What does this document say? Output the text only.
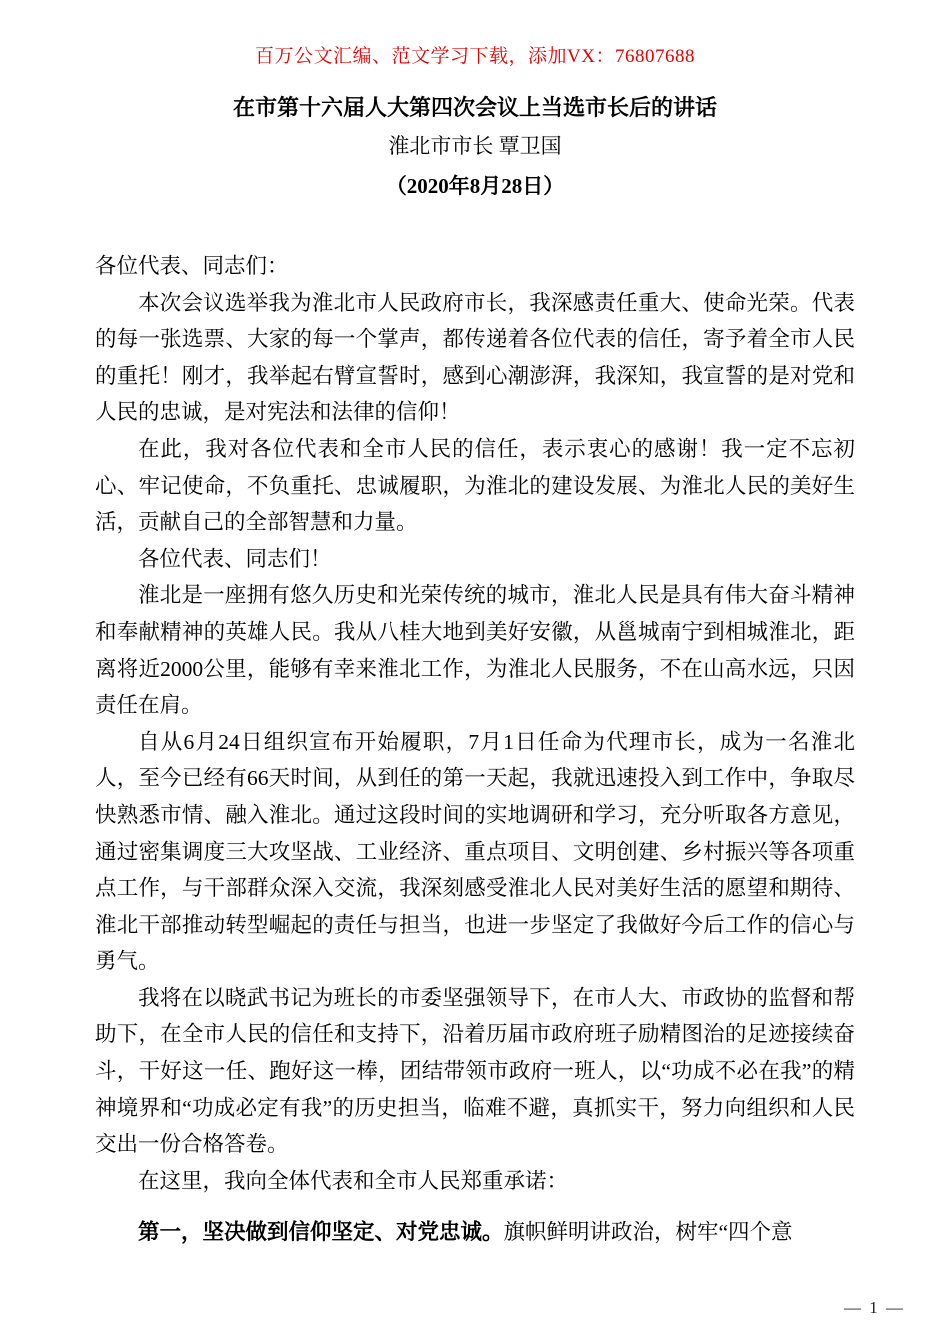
百万公文汇编、范文学习下载，添加VX：76807688
在市第十六届人大第四次会议上当选市长后的讲话
淮北市市长 覃卫国
（2020年8月28日）

各位代表、同志们：

本次会议选举我为淮北市人民政府市长，我深感责任重大、使命光荣。代表的每一张选票、大家的每一个掌声，都传递着各位代表的信任，寄予着全市人民的重托！刚才，我举起右臂宣誓时，感到心潮澎湃，我深知，我宣誓的是对党和人民的忠诚，是对宪法和法律的信仰！

在此，我对各位代表和全市人民的信任，表示衷心的感谢！我一定不忘初心、牢记使命，不负重托、忠诚履职，为淮北的建设发展、为淮北人民的美好生活，贡献自己的全部智慧和力量。

各位代表、同志们！

淮北是一座拥有悠久历史和光荣传统的城市，淮北人民是具有伟大奋斗精神和奉献精神的英雄人民。我从八桂大地到美好安徽，从邕城南宁到相城淮北，距离将近2000公里，能够有幸来淮北工作，为淮北人民服务，不在山高水远，只因责任在肩。

自从6月24日组织宣布开始履职，7月1日任命为代理市长，成为一名淮北人，至今已经有66天时间，从到任的第一天起，我就迅速投入到工作中，争取尽快熟悉市情、融入淮北。通过这段时间的实地调研和学习，充分听取各方意见，通过密集调度三大攻坚战、工业经济、重点项目、文明创建、乡村振兴等各项重点工作，与干部群众深入交流，我深刻感受淮北人民对美好生活的愿望和期待、淮北干部推动转型崛起的责任与担当，也进一步坚定了我做好今后工作的信心与勇气。

我将在以晓武书记为班长的市委坚强领导下，在市人大、市政协的监督和帮助下，在全市人民的信任和支持下，沿着历届市政府班子励精图治的足迹接续奋斗，干好这一任、跑好这一棒，团结带领市政府一班人，以“功成不必在我”的精神境界和“功成必定有我”的历史担当，临难不避，真抓实干，努力向组织和人民交出一份合格答卷。

在这里，我向全体代表和全市人民郑重承诺：

第一，坚决做到信仰坚定、对党忠诚。旗帜鲜明讲政治，树牢“四个意

— 1 —
